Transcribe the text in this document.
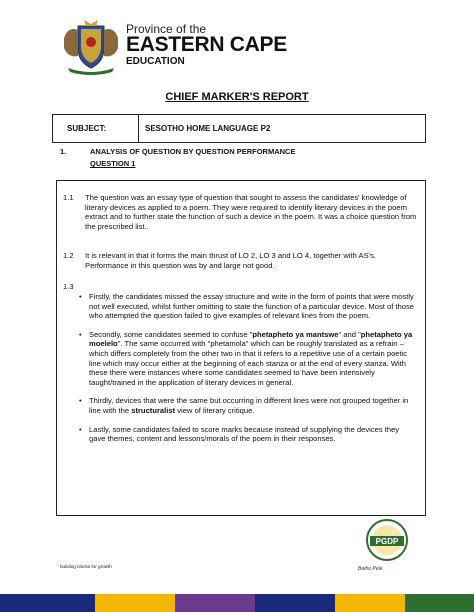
Province of the
EASTERN CAPE
EDUCATION
CHIEF MARKER'S REPORT
SUBJECT:	SESOTHO HOME LANGUAGE P2
1.	ANALYSIS OF QUESTION BY QUESTION PERFORMANCE
QUESTION 1
1.1 The question was an essay type of question that sought to assess the candidates' knowledge of literary devices as applied to a poem. They were required to identify literary devices in the poem extract and to further state the function of such a device in the poem. It was a choice question from the prescribed list..
1.2 It is relevant in that it forms the main thrust of LO 2, LO 3 and LO 4, together with AS's. Performance in this question was by and large not good.
1.3
• Firstly, the candidates missed the essay structure and write in the form of points that were mostly not well executed, whilst further omitting to state the function of a particular device. Most of those who attempted the question failed to give examples of relevant lines from the poem.
• Secondly, some candidates seemed to confuse "phetapheto ya mantswe" and "phetapheto ya moelelo". The same occurred with "phetamola" which can be roughly translated as a refrain – which differs completely from the other two in that it refers to a repetitive use of a certain poetic line which may occur either at the beginning of each stanza or at the end of every stanza. With these there were instances where some candidates seemed to have been intensively taught/trained in the application of literary devices in general.
• Thirdly, devices that were the same but occurring in different lines were not grouped together in line with the structuralist view of literary critique.
• Lastly, some candidates failed to score marks because instead of supplying the devices they gave themes, content and lessons/morals of the poem in their responses.
PGDP
Batho Pele
building blocks for growth
